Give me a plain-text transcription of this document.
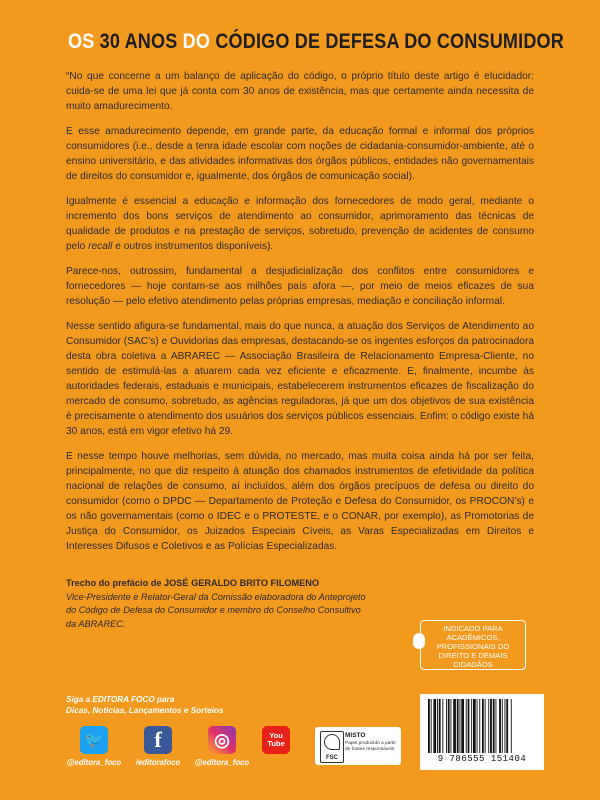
OS 30 ANOS DO CÓDIGO DE DEFESA DO CONSUMIDOR

“No que concerne a um balanço de aplicação do código, o próprio título deste artigo é elucidador: cuida-se de uma lei que já conta com 30 anos de existência, mas que certamente ainda necessita de muito amadurecimento.

E esse amadurecimento depende, em grande parte, da educação formal e informal dos próprios consumidores (i.e., desde a tenra idade escolar com noções de cidadania-consumidor-ambiente, até o ensino universitário, e das atividades informativas dos órgãos públicos, entidades não governamentais de direitos do consumidor e, igualmente, dos órgãos de comunicação social).

Igualmente é essencial a educação e informação dos fornecedores de modo geral, mediante o incremento dos bons serviços de atendimento ao consumidor, aprimoramento das técnicas de qualidade de produtos e na prestação de serviços, sobretudo, prevenção de acidentes de consumo pelo recall e outros instrumentos disponíveis).

Parece-nos, outrossim, fundamental a desjudicialização dos conflitos entre consumidores e fornecedores — hoje contam-se aos milhões país afora —, por meio de meios eficazes de sua resolução — pelo efetivo atendimento pelas próprias empresas, mediação e conciliação informal.

Nesse sentido afigura-se fundamental, mais do que nunca, a atuação dos Serviços de Atendimento ao Consumidor (SAC’s) e Ouvidorias das empresas, destacando-se os ingentes esforços da patrocinadora desta obra coletiva a ABRAREC — Associação Brasileira de Relacionamento Empresa-Cliente, no sentido de estimulá-las a atuarem cada vez eficiente e eficazmente. E, finalmente, incumbe às autoridades federais, estaduais e municipais, estabelecerem instrumentos eficazes de fiscalização do mercado de consumo, sobretudo, as agências reguladoras, já que um dos objetivos de sua existência é precisamente o atendimento dos usuários dos serviços públicos essenciais. Enfim: o código existe há 30 anos, está em vigor efetivo há 29.

E nesse tempo houve melhorias, sem dúvida, no mercado, mas muita coisa ainda há por ser feita, principalmente, no que diz respeito à atuação dos chamados instrumentos de efetividade da política nacional de relações de consumo, aí incluídos, além dos órgãos precípuos de defesa ou direito do consumidor (como o DPDC — Departamento de Proteção e Defesa do Consumidor, os PROCON’s) e os não governamentais (como o IDEC e o PROTESTE, e o CONAR, por exemplo), as Promotorias de Justiça do Consumidor, os Juizados Especiais Cíveis, as Varas Especializadas em Direitos e Interesses Difusos e Coletivos e as Polícias Especializadas.

Trecho do prefácio de JOSÉ GERALDO BRITO FILOMENO
Vice-Presidente e Relator-Geral da Comissão elaboradora do Anteprojeto do Código de Defesa do Consumidor e membro do Conselho Consultivo da ABRAREC.	INDICADO PARA ACADÊMICOS, PROFISSIONAIS DO DIREITO E DEMAIS CIDADÃOS
Siga a EDITORA FOCO para
Dicas, Notícias, Lançamentos e Sorteios
🐦
@editora_foco
f
/editorafoco
◎
@editora_foco
You Tube
FSC
MISTO
Papel produzido a partir de fontes responsáveis
9 786555 151404
